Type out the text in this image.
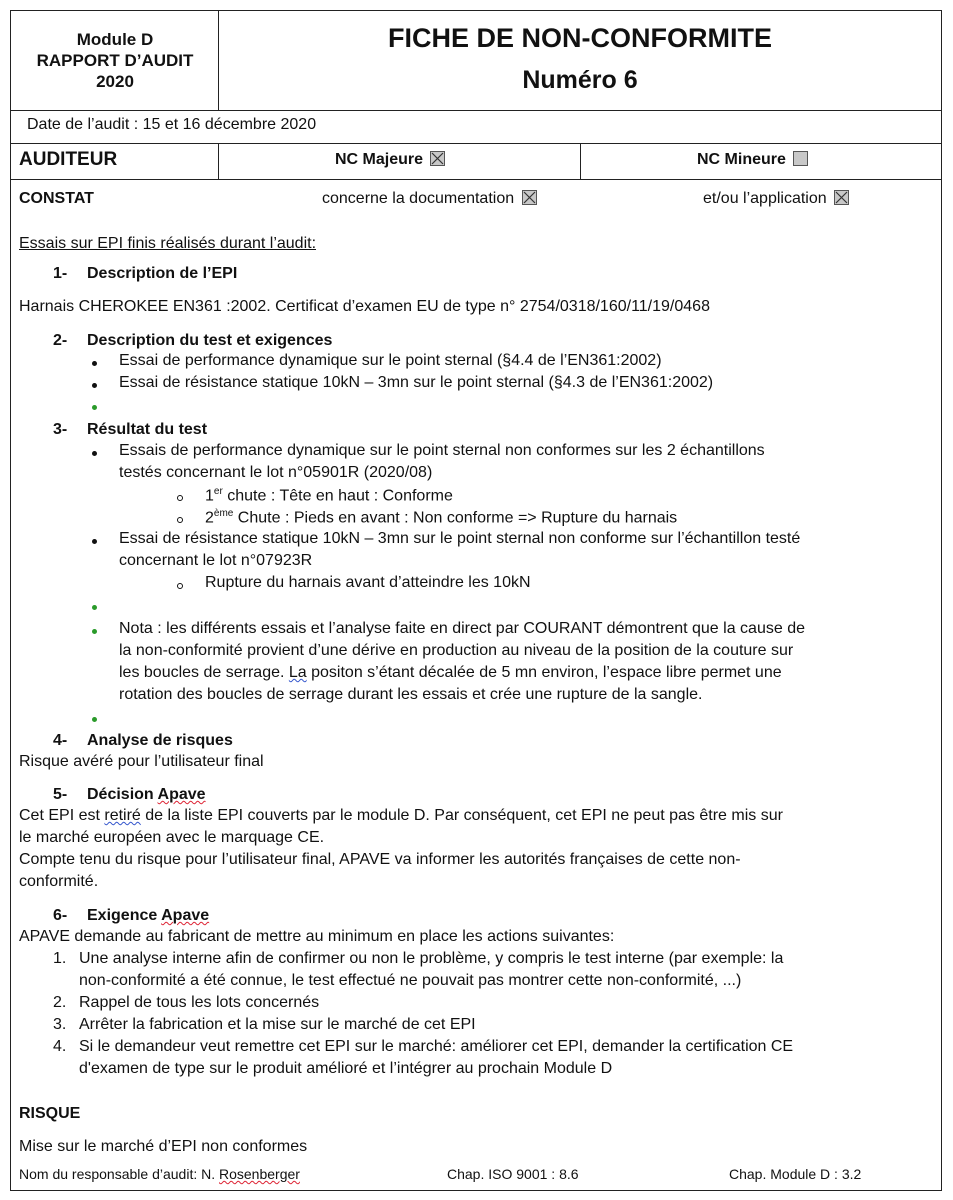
Module D
RAPPORT D’AUDIT
2020
FICHE DE NON-CONFORMITE
Numéro 6
Date de l’audit : 15 et 16 décembre 2020
AUDITEUR	NC Majeure	NC Mineure
CONSTAT	concerne la documentation	et/ou l’application
Essais sur EPI finis réalisés durant l’audit:
1- Description de l’EPI
Harnais CHEROKEE EN361 :2002. Certificat d’examen EU de type n° 2754/0318/160/11/19/0468
2- Description du test et exigences
Essai de performance dynamique sur le point sternal (§4.4 de l’EN361:2002)
Essai de résistance statique 10kN – 3mn sur le point sternal (§4.3 de l’EN361:2002)
3- Résultat du test
Essais de performance dynamique sur le point sternal non conformes sur les 2 échantillons
testés concernant le lot n°05901R (2020/08)
1er chute : Tête en haut : Conforme
2ème Chute : Pieds en avant : Non conforme => Rupture du harnais
Essai de résistance statique 10kN – 3mn sur le point sternal non conforme sur l’échantillon testé
concernant le lot n°07923R
Rupture du harnais avant d’atteindre les 10kN
Nota : les différents essais et l’analyse faite en direct par COURANT démontrent que la cause de
la non-conformité provient d’une dérive en production au niveau de la position de la couture sur
les boucles de serrage. La positon s’étant décalée de 5 mn environ, l’espace libre permet une
rotation des boucles de serrage durant les essais et crée une rupture de la sangle.
4- Analyse de risques
Risque avéré pour l’utilisateur final
5- Décision Apave
Cet EPI est retiré de la liste EPI couverts par le module D. Par conséquent, cet EPI ne peut pas être mis sur
le marché européen avec le marquage CE.
Compte tenu du risque pour l’utilisateur final, APAVE va informer les autorités françaises de cette non-
conformité.
6- Exigence Apave
APAVE demande au fabricant de mettre au minimum en place les actions suivantes:
1. Une analyse interne afin de confirmer ou non le problème, y compris le test interne (par exemple: la
non-conformité a été connue, le test effectué ne pouvait pas montrer cette non-conformité, ...)
2. Rappel de tous les lots concernés
3. Arrêter la fabrication et la mise sur le marché de cet EPI
4. Si le demandeur veut remettre cet EPI sur le marché: améliorer cet EPI, demander la certification CE
d'examen de type sur le produit amélioré et l’intégrer au prochain Module D
RISQUE
Mise sur le marché d’EPI non conformes
Nom du responsable d’audit: N. Rosenberger	Chap. ISO 9001 : 8.6	Chap. Module D : 3.2
